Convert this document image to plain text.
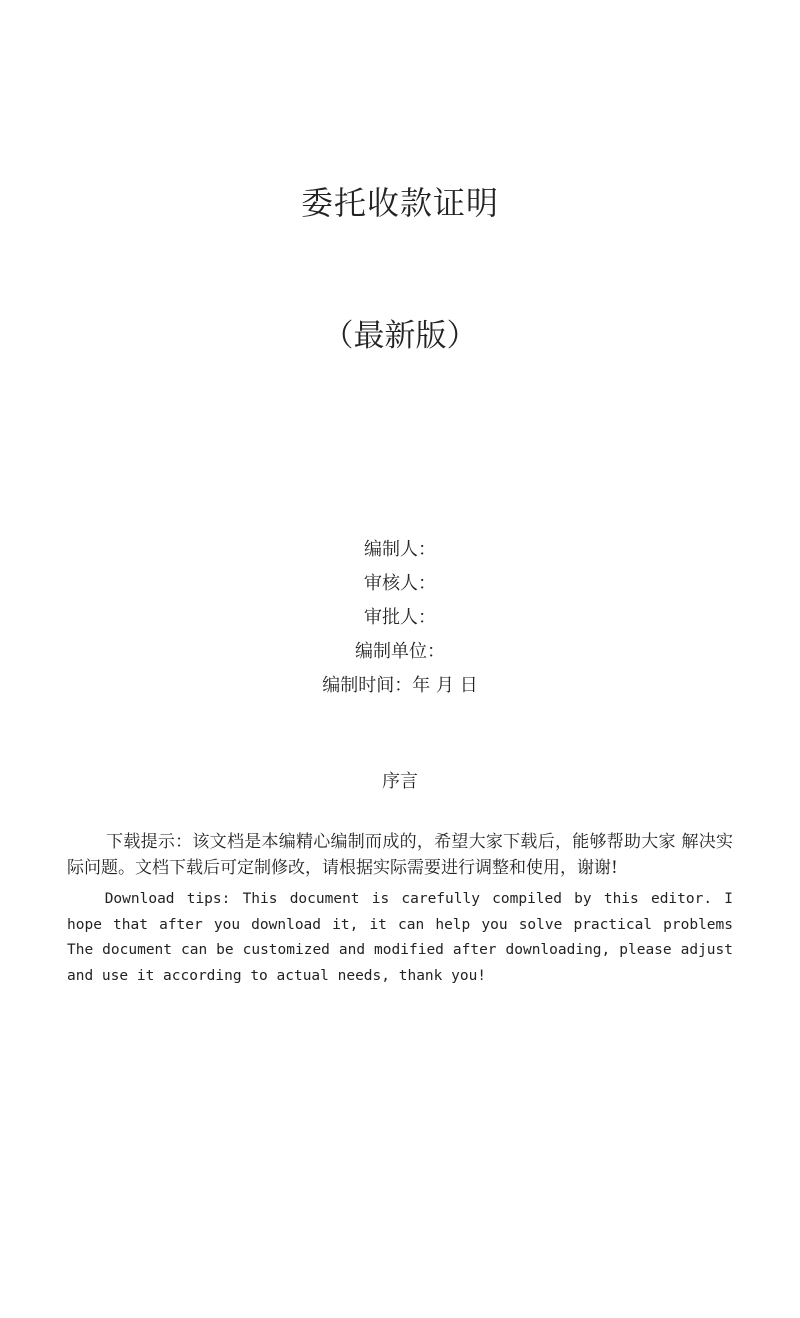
委托收款证明
（最新版）
编制人：
审核人：
审批人：
编制单位：
编制时间：年 月 日
序言

下载提示：该文档是本编精心编制而成的，希望大家下载后，能够帮助大家 解决实际问题。文档下载后可定制修改，请根据实际需要进行调整和使用，谢谢!

Download tips: This document is carefully compiled by this editor. I hope that after you download it, it can help you solve practical problems The document can be customized and modified after downloading, please adjust and use it according to actual needs, thank you!
